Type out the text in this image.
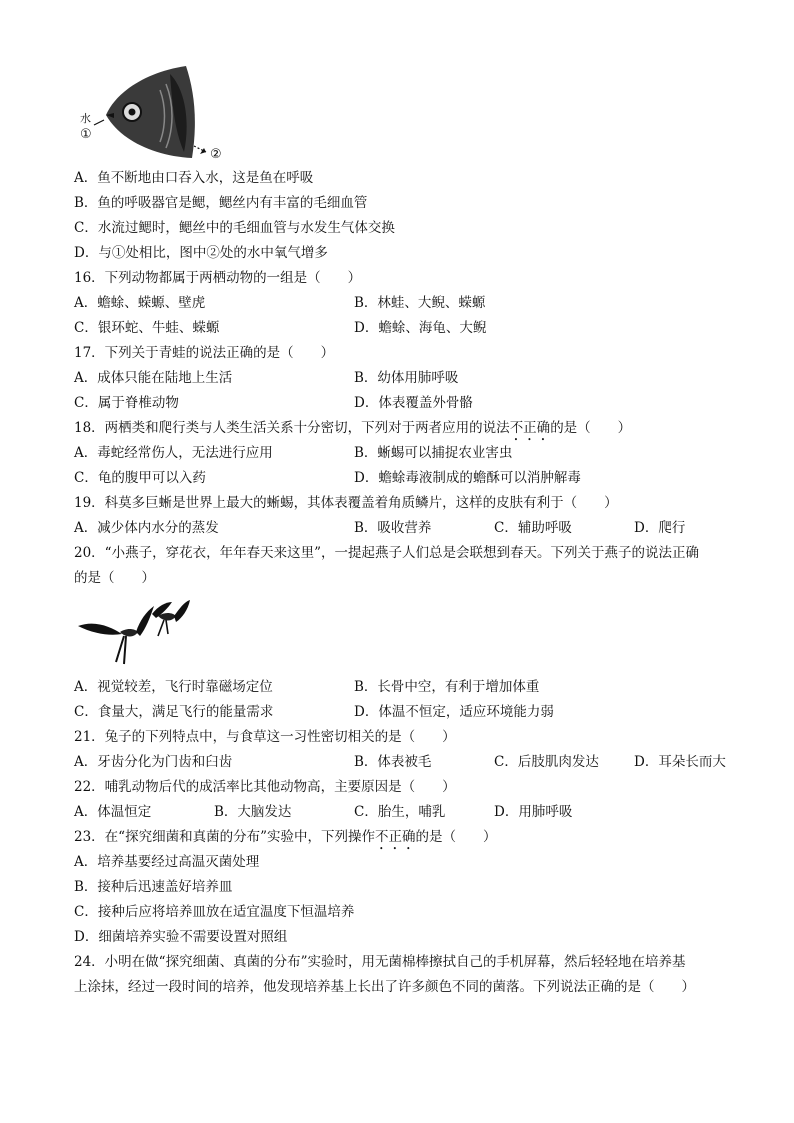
水
①
②
A．鱼不断地由口吞入水，这是鱼在呼吸
B．鱼的呼吸器官是鳃，鳃丝内有丰富的毛细血管
C．水流过鳃时，鳃丝中的毛细血管与水发生气体交换
D．与①处相比，图中②处的水中氧气增多
16．下列动物都属于两栖动物的一组是（　　）
A．蟾蜍、蝾螈、壁虎	B．林蛙、大鲵、蝾螈
C．银环蛇、牛蛙、蝾螈	D．蟾蜍、海龟、大鲵
17．下列关于青蛙的说法正确的是（　　）
A．成体只能在陆地上生活	B．幼体用肺呼吸
C．属于脊椎动物	D．体表覆盖外骨骼
18．两栖类和爬行类与人类生活关系十分密切，下列对于两者应用的说法不正确的是（　　）
A．毒蛇经常伤人，无法进行应用	B．蜥蜴可以捕捉农业害虫
C．龟的腹甲可以入药	D．蟾蜍毒液制成的蟾酥可以消肿解毒
19．科莫多巨蜥是世界上最大的蜥蜴，其体表覆盖着角质鳞片，这样的皮肤有利于（　　）
A．减少体内水分的蒸发	B．吸收营养	C．辅助呼吸	D．爬行
20．“小燕子，穿花衣，年年春天来这里”，一提起燕子人们总是会联想到春天。下列关于燕子的说法正确
的是（　　）
A．视觉较差，飞行时靠磁场定位	B．长骨中空，有利于增加体重
C．食量大，满足飞行的能量需求	D．体温不恒定，适应环境能力弱
21．兔子的下列特点中，与食草这一习性密切相关的是（　　）
A．牙齿分化为门齿和臼齿	B．体表被毛	C．后肢肌肉发达	D．耳朵长而大
22．哺乳动物后代的成活率比其他动物高，主要原因是（　　）
A．体温恒定	B．大脑发达	C．胎生，哺乳	D．用肺呼吸
23．在“探究细菌和真菌的分布”实验中，下列操作不正确的是（　　）
A．培养基要经过高温灭菌处理
B．接种后迅速盖好培养皿
C．接种后应将培养皿放在适宜温度下恒温培养
D．细菌培养实验不需要设置对照组
24．小明在做“探究细菌、真菌的分布”实验时，用无菌棉棒擦拭自己的手机屏幕，然后轻轻地在培养基
上涂抹，经过一段时间的培养，他发现培养基上长出了许多颜色不同的菌落。下列说法正确的是（　　）
